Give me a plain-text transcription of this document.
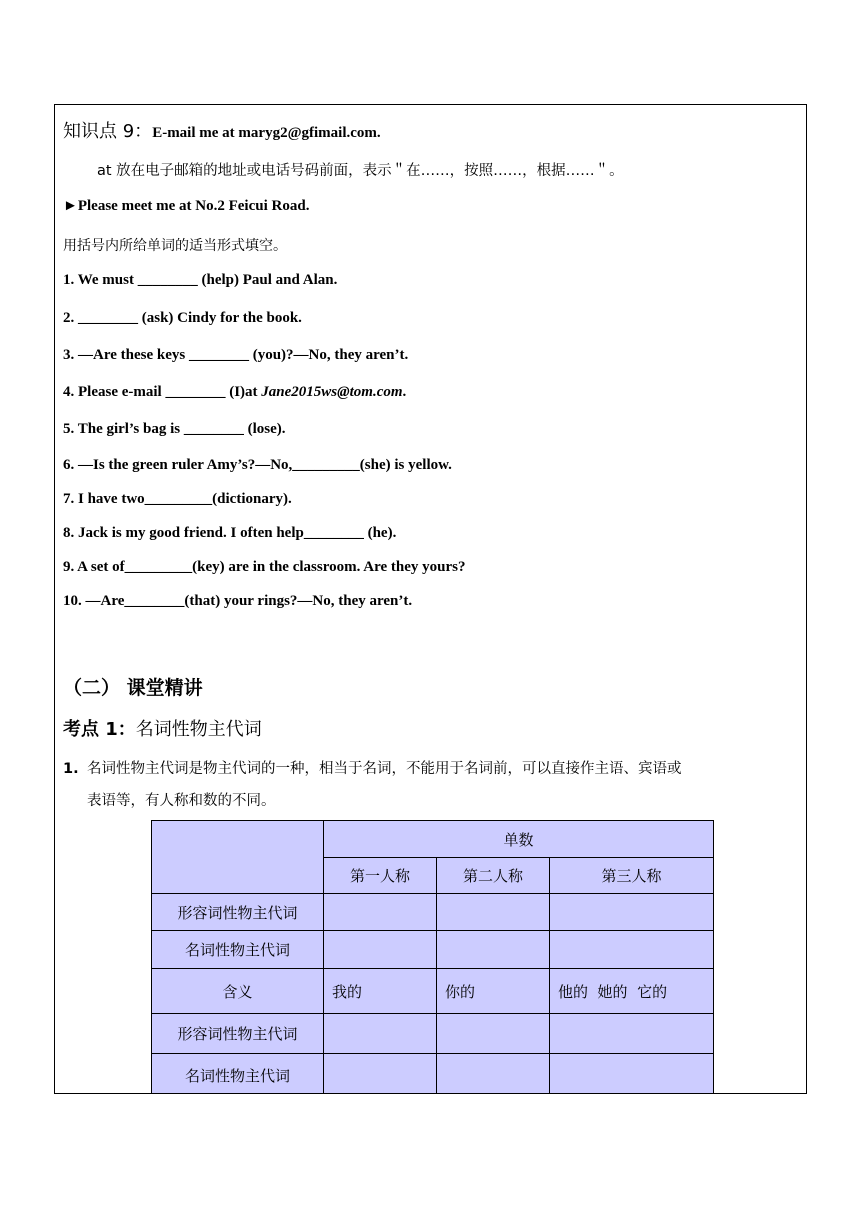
知识点 9：E-mail me at maryg2@gfimail.com.
at 放在电子邮箱的地址或电话号码前面，表示＂在……，按照……，根据……＂。
►Please meet me at No.2 Feicui Road.
用括号内所给单词的适当形式填空。
1. We must ________ (help) Paul and Alan.
2. ________ (ask) Cindy for the book.
3. —Are these keys ________ (you)?—No, they aren’t.
4. Please e-mail ________ (I)at Jane2015ws@tom.com.
5. The girl’s bag is ________ (lose).
6. —Is the green ruler Amy’s?—No,_________(she) is yellow.
7. I have two_________(dictionary).
8. Jack is my good friend. I often help________ (he).
9. A set of_________(key) are in the classroom. Are they yours?
10. —Are________(that) your rings?—No, they aren’t.
（二） 课堂精讲
考点 1：名词性物主代词
1. 名词性物主代词是物主代词的一种，相当于名词，不能用于名词前，可以直接作主语、宾语或
表语等，有人称和数的不同。
	单数		
	第一人称	第二人称	第三人称
形容词性物主代词			
名词性物主代词			
含义	我的	你的	他的  她的  它的
形容词性物主代词			
名词性物主代词			
